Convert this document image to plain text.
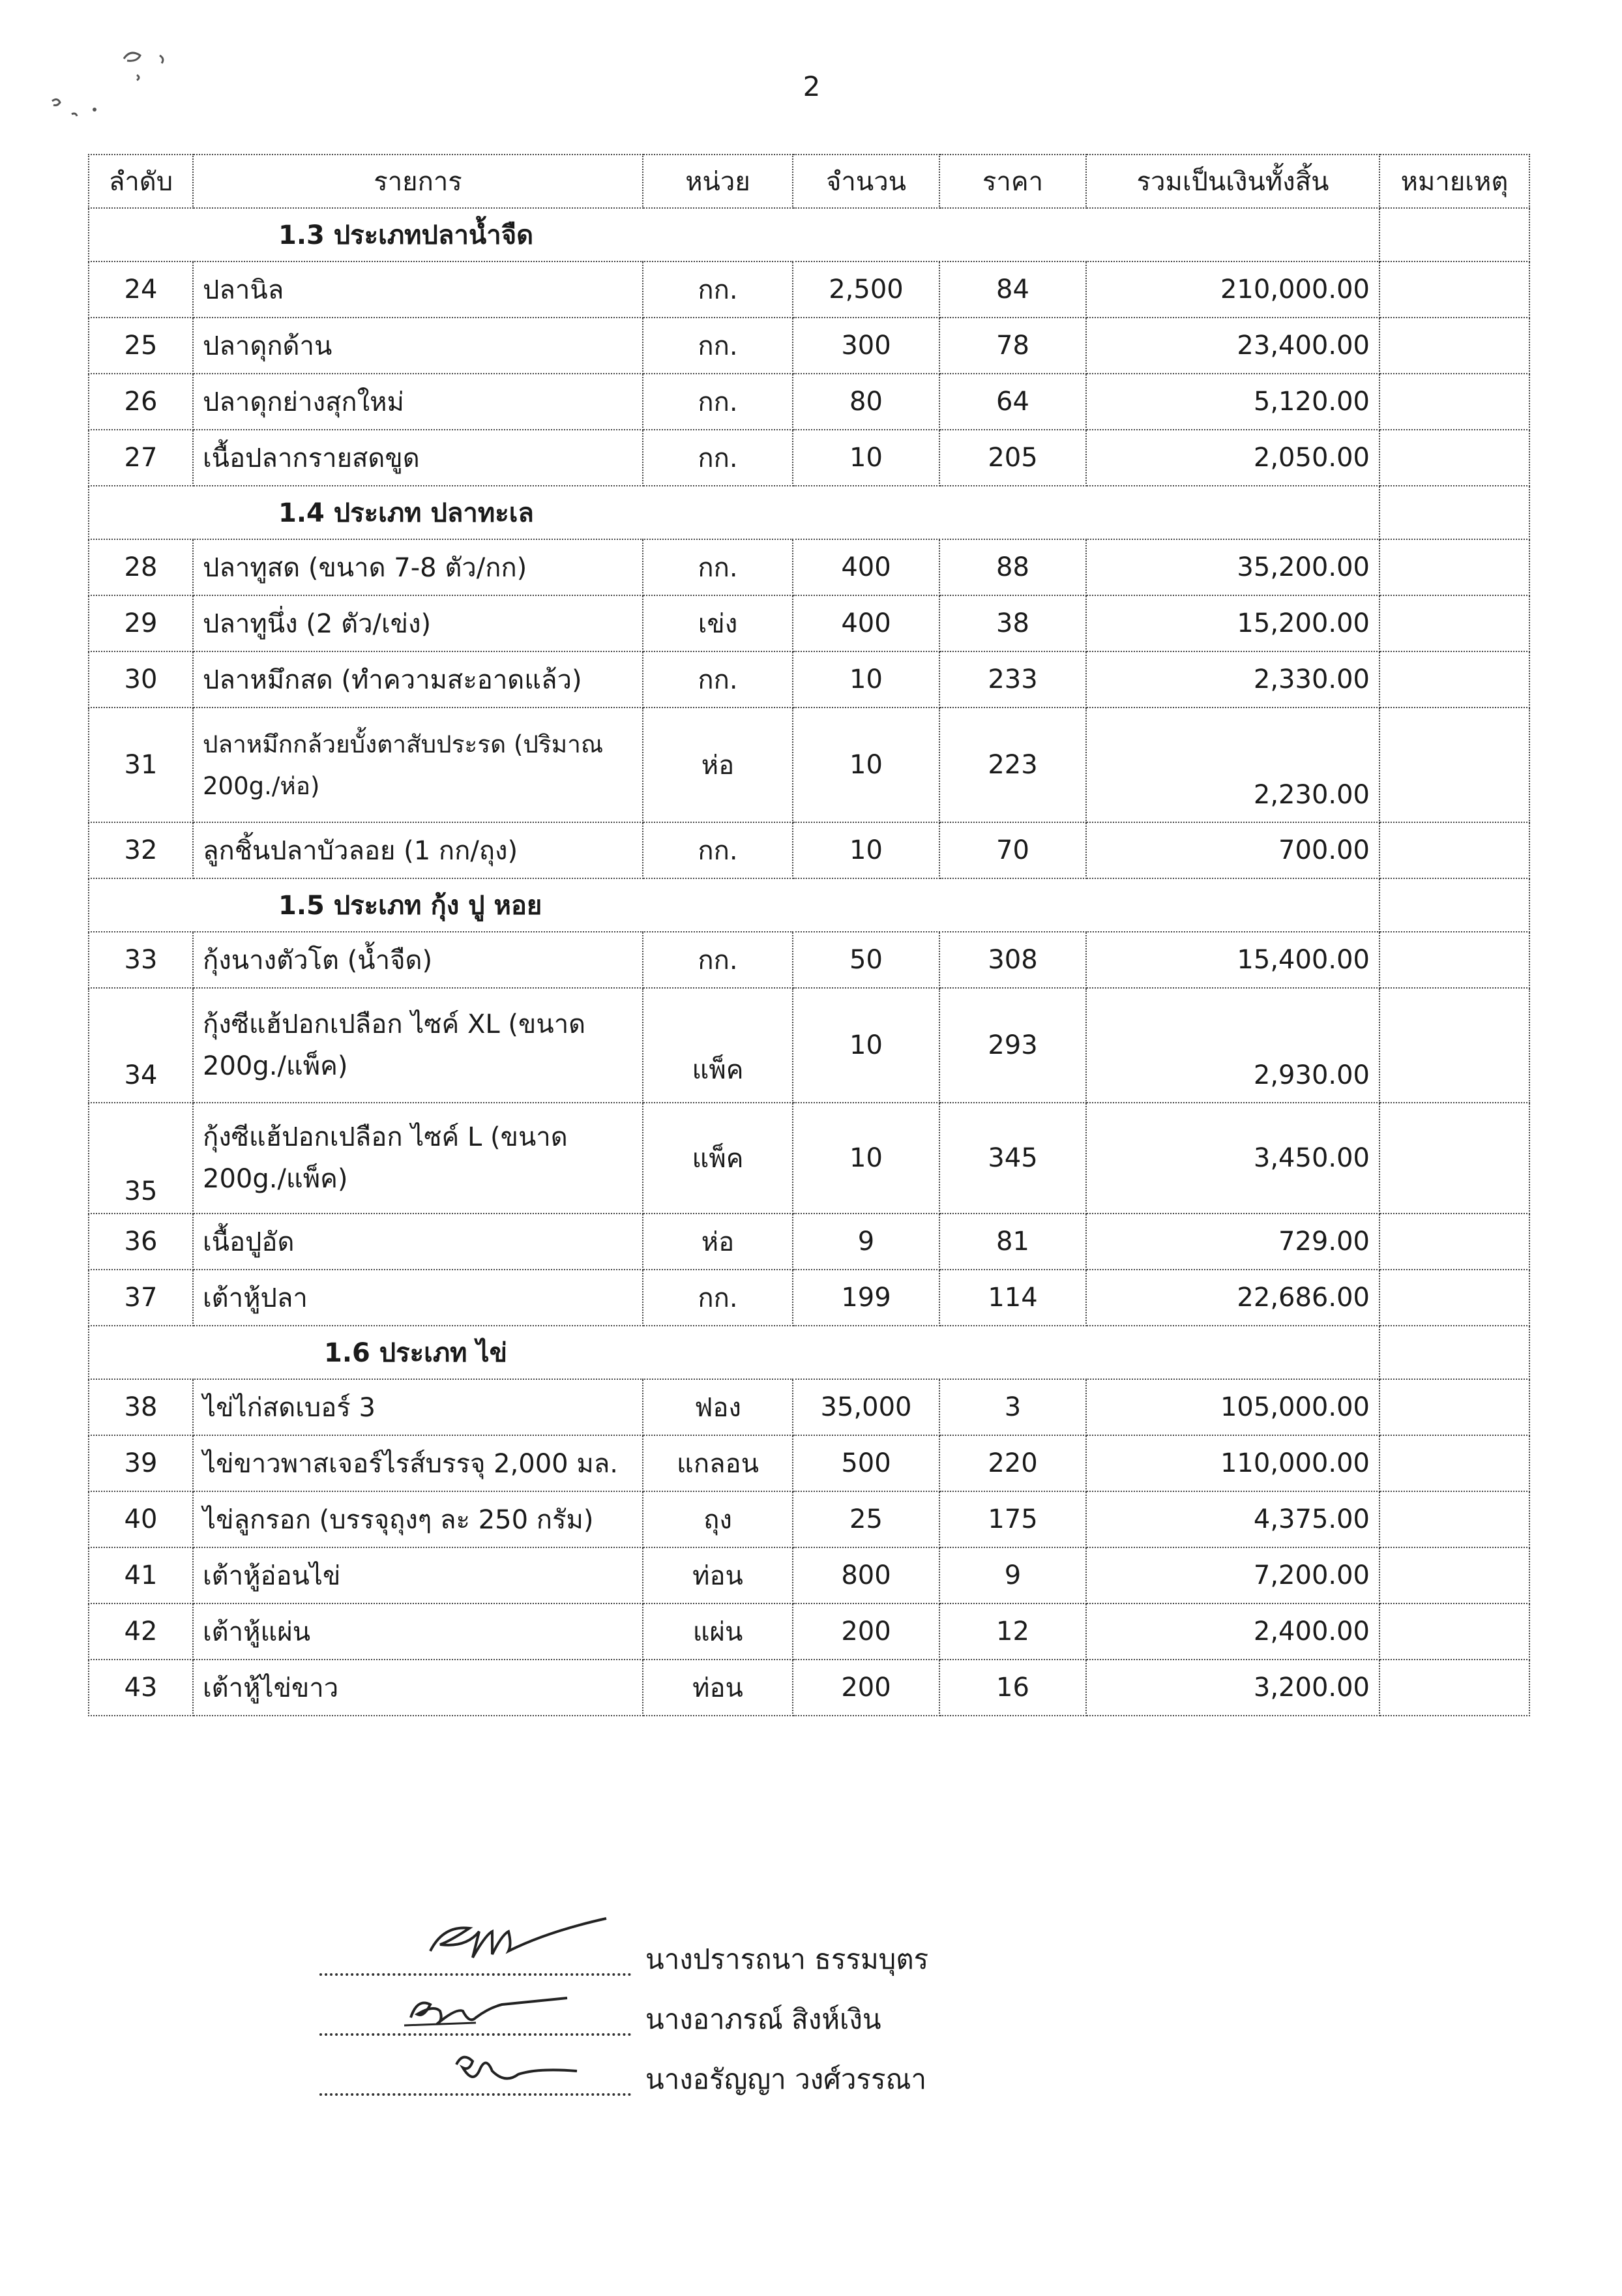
2
ลำดับ	รายการ	หน่วย	จำนวน	ราคา	รวมเป็นเงินทั้งสิ้น	หมายเหตุ
1.3 ประเภทปลาน้ำจืด						
24	ปลานิล	กก.	2,500	84	210,000.00	
25	ปลาดุกด้าน	กก.	300	78	23,400.00	
26	ปลาดุกย่างสุกใหม่	กก.	80	64	5,120.00	
27	เนื้อปลากรายสดขูด	กก.	10	205	2,050.00	
1.4 ประเภท ปลาทะเล						
28	ปลาทูสด (ขนาด 7-8 ตัว/กก)	กก.	400	88	35,200.00	
29	ปลาทูนึ่ง (2 ตัว/เข่ง)	เข่ง	400	38	15,200.00	
30	ปลาหมึกสด (ทำความสะอาดแล้ว)	กก.	10	233	2,330.00	
31	ปลาหมึกกล้วยบั้งตาสับประรด (ปริมาณ 200g./ห่อ)	ห่อ	10	223	2,230.00	
32	ลูกชิ้นปลาบัวลอย (1 กก/ถุง)	กก.	10	70	700.00	
1.5 ประเภท กุ้ง ปู หอย						
33	กุ้งนางตัวโต (น้ำจืด)	กก.	50	308	15,400.00	
34	กุ้งซีแฮ้ปอกเปลือก ไซค์ XL (ขนาด 200g./แพ็ค)	แพ็ค	10	293	2,930.00	
35	กุ้งซีแฮ้ปอกเปลือก ไซค์ L (ขนาด 200g./แพ็ค)	แพ็ค	10	345	3,450.00	
36	เนื้อปูอัด	ห่อ	9	81	729.00	
37	เต้าหู้ปลา	กก.	199	114	22,686.00	
1.6 ประเภท ไข่						
38	ไข่ไก่สดเบอร์ 3	ฟอง	35,000	3	105,000.00	
39	ไข่ขาวพาสเจอร์ไรส์บรรจุ 2,000 มล.	แกลอน	500	220	110,000.00	
40	ไข่ลูกรอก (บรรจุถุงๆ ละ 250 กรัม)	ถุง	25	175	4,375.00	
41	เต้าหู้อ่อนไข่	ท่อน	800	9	7,200.00	
42	เต้าหู้แผ่น	แผ่น	200	12	2,400.00	
43	เต้าหู้ไข่ขาว	ท่อน	200	16	3,200.00	
นางปรารถนา ธรรมบุตร
นางอาภรณ์ สิงห์เงิน
นางอรัญญา วงศ์วรรณา
